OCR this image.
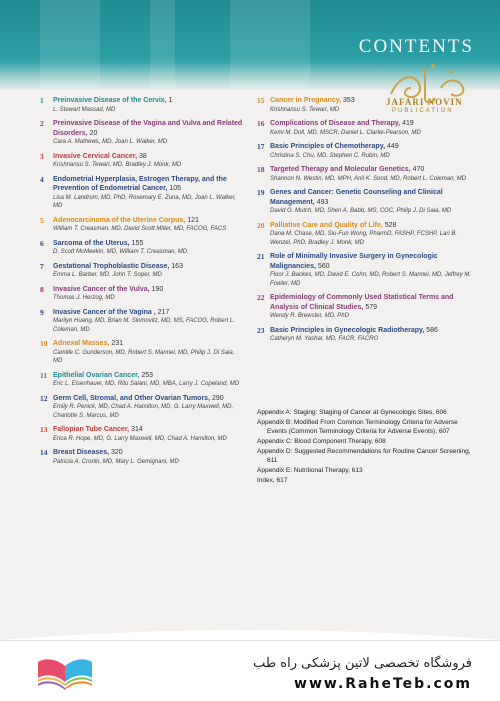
CONTENTS
JAFARI NOVIN
PUBLICATION
1	Preinvasive Disease of the Cervix, 1
L. Stewart Massad, MD
2	Preinvasive Disease of the Vagina and Vulva and Related Disorders, 20
Cara A. Mathews, MD, Joan L. Walker, MD
3	Invasive Cervical Cancer, 38
Krishnansu S. Tewari, MD, Bradley J. Monk, MD
4	Endometrial Hyperplasia, Estrogen Therapy, and the Prevention of Endometrial Cancer, 105
Lisa M. Landrum, MD, PhD, Rosemary E. Zuna, MD, Joan L. Walker, MD
5	Adenocarcinoma of the Uterine Corpus, 121
William T. Creasman, MD, David Scott Miller, MD, FACOG, FACS
6	Sarcoma of the Uterus, 155
D. Scott McMeekin, MD, William T. Creasman, MD
7	Gestational Trophoblastic Disease, 163
Emma L. Barber, MD, John T. Soper, MD
8	Invasive Cancer of the Vulva, 190
Thomas J. Herzog, MD
9	Invasive Cancer of the Vagina , 217
Marilyn Huang, MD, Brian M. Slomovitz, MD, MS, FACOG, Robert L. Coleman, MD
10 Adnexal Masses, 231
Camille C. Gunderson, MD, Robert S. Mannel, MD, Philip J. Di Saia, MD
11 Epithelial Ovarian Cancer, 253
Eric L. Eisenhauer, MD, Ritu Salani, MD, MBA, Larry J. Copeland, MD
12 Germ Cell, Stromal, and Other Ovarian Tumors, 290
Emily R. Penick, MD, Chad A. Hamilton, MD, G. Larry Maxwell, MD, Charlotte S. Marcus, MD
13 Fallopian Tube Cancer, 314
Erica R. Hope, MD, G. Larry Maxwell, MD, Chad A. Hamilton, MD
14 Breast Diseases, 320
Patricia A. Cronin, MD, Mary L. Gemignani, MD
15 Cancer in Pregnancy, 353
Krishnansu S. Tewari, MD
16 Complications of Disease and Therapy, 419
Kemi M. Doll, MD, MSCR, Daniel L. Clarke-Pearson, MD
17 Basic Principles of Chemotherapy, 449
Christina S. Chu, MD, Stephen C. Rubin, MD
18 Targeted Therapy and Molecular Genetics, 470
Shannon N. Westin, MD, MPH, Anil K. Sood, MD, Robert L. Coleman, MD
19 Genes and Cancer: Genetic Counseling and Clinical Management, 493
David G. Mutch, MD, Sheri A. Babb, MS, CGC, Philip J. Di Saia, MD
20 Palliative Care and Quality of Life, 528
Dana M. Chase, MD, Siu-Fun Wong, PharmD, FASHP, FCSHP, Lari B. Wenzel, PhD, Bradley J. Monk, MD
21 Role of Minimally Invasive Surgery in Gynecologic Malignancies, 560
Floor J. Backes, MD, David E. Cohn, MD, Robert S. Mannel, MD, Jeffrey M. Fowler, MD
22 Epidemiology of Commonly Used Statistical Terms and Analysis of Clinical Studies, 579
Wendy R. Brewster, MD, PhD
23 Basic Principles in Gynecologic Radiotherapy, 586
Catheryn M. Yashar, MD, FACR, FACRO
Appendix A: Staging: Staging of Cancer at Gynecologic Sites, 606
Appendix B: Modified From Common Terminology Criteria for Adverse Events (Common Terminology Criteria for Adverse Events), 607
Appendix C: Blood Component Therapy, 608
Appendix D: Suggested Recommendations for Routine Cancer Screening, 611
Appendix E: Nutritional Therapy, 613
Index, 617
فروشگاه تخصصی لاتین پزشکی راه طب
www.RaheTeb.com
